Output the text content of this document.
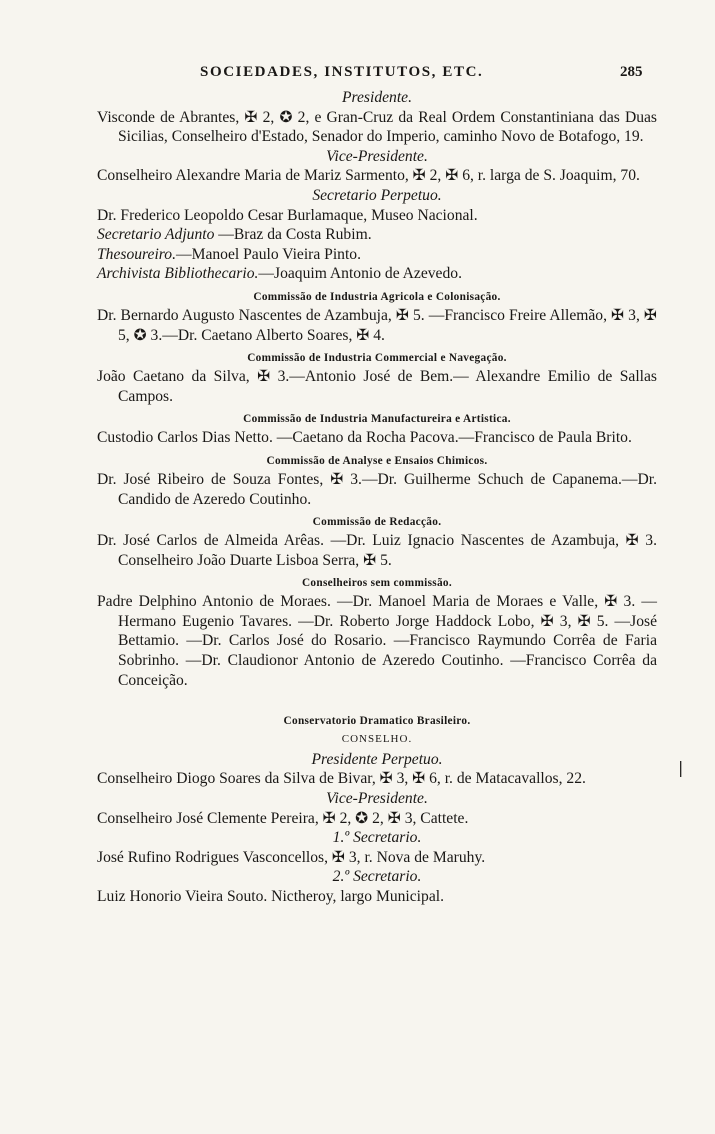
SOCIEDADES, INSTITUTOS, ETC.	285
Presidente.
Visconde de Abrantes, ✠ 2, ✪ 2, e Gran-Cruz da Real Ordem Constantiniana das Duas Sicilias, Conselheiro d'Estado, Senador do Imperio, caminho Novo de Botafogo, 19.
Vice-Presidente.
Conselheiro Alexandre Maria de Mariz Sarmento, ✠ 2, ✠ 6, r. larga de S. Joaquim, 70.
Secretario Perpetuo.
Dr. Frederico Leopoldo Cesar Burlamaque, Museo Nacional.
Secretario Adjunto —Braz da Costa Rubim.
Thesoureiro.—Manoel Paulo Vieira Pinto.
Archivista Bibliothecario.—Joaquim Antonio de Azevedo.
Commissão de Industria Agricola e Colonisação.
Dr. Bernardo Augusto Nascentes de Azambuja, ✠ 5. —Francisco Freire Allemão, ✠ 3, ✠ 5, ✪ 3.—Dr. Caetano Alberto Soares, ✠ 4.
Commissão de Industria Commercial e Navegação.
João Caetano da Silva, ✠ 3.—Antonio José de Bem.— Alexandre Emilio de Sallas Campos.
Commissão de Industria Manufactureira e Artistica.
Custodio Carlos Dias Netto. —Caetano da Rocha Pacova.—Francisco de Paula Brito.
Commissão de Analyse e Ensaios Chimicos.
Dr. José Ribeiro de Souza Fontes, ✠ 3.—Dr. Guilherme Schuch de Capanema.—Dr. Candido de Azeredo Coutinho.
Commissão de Redacção.
Dr. José Carlos de Almeida Arêas. —Dr. Luiz Ignacio Nascentes de Azambuja, ✠ 3. Conselheiro João Duarte Lisboa Serra, ✠ 5.
Conselheiros sem commissão.
Padre Delphino Antonio de Moraes. —Dr. Manoel Maria de Moraes e Valle, ✠ 3. —Hermano Eugenio Tavares. —Dr. Roberto Jorge Haddock Lobo, ✠ 3, ✠ 5. —José Bettamio. —Dr. Carlos José do Rosario. —Francisco Raymundo Corrêa de Faria Sobrinho. —Dr. Claudionor Antonio de Azeredo Coutinho. —Francisco Corrêa da Conceição.
Conservatorio Dramatico Brasileiro.
CONSELHO.
Presidente Perpetuo.
Conselheiro Diogo Soares da Silva de Bivar, ✠ 3, ✠ 6, r. de Matacavallos, 22.
Vice-Presidente.
Conselheiro José Clemente Pereira, ✠ 2, ✪ 2, ✠ 3, Cattete.
1.º Secretario.
José Rufino Rodrigues Vasconcellos, ✠ 3, r. Nova de Maruhy.
2.º Secretario.
Luiz Honorio Vieira Souto. Nictheroy, largo Municipal.
|
